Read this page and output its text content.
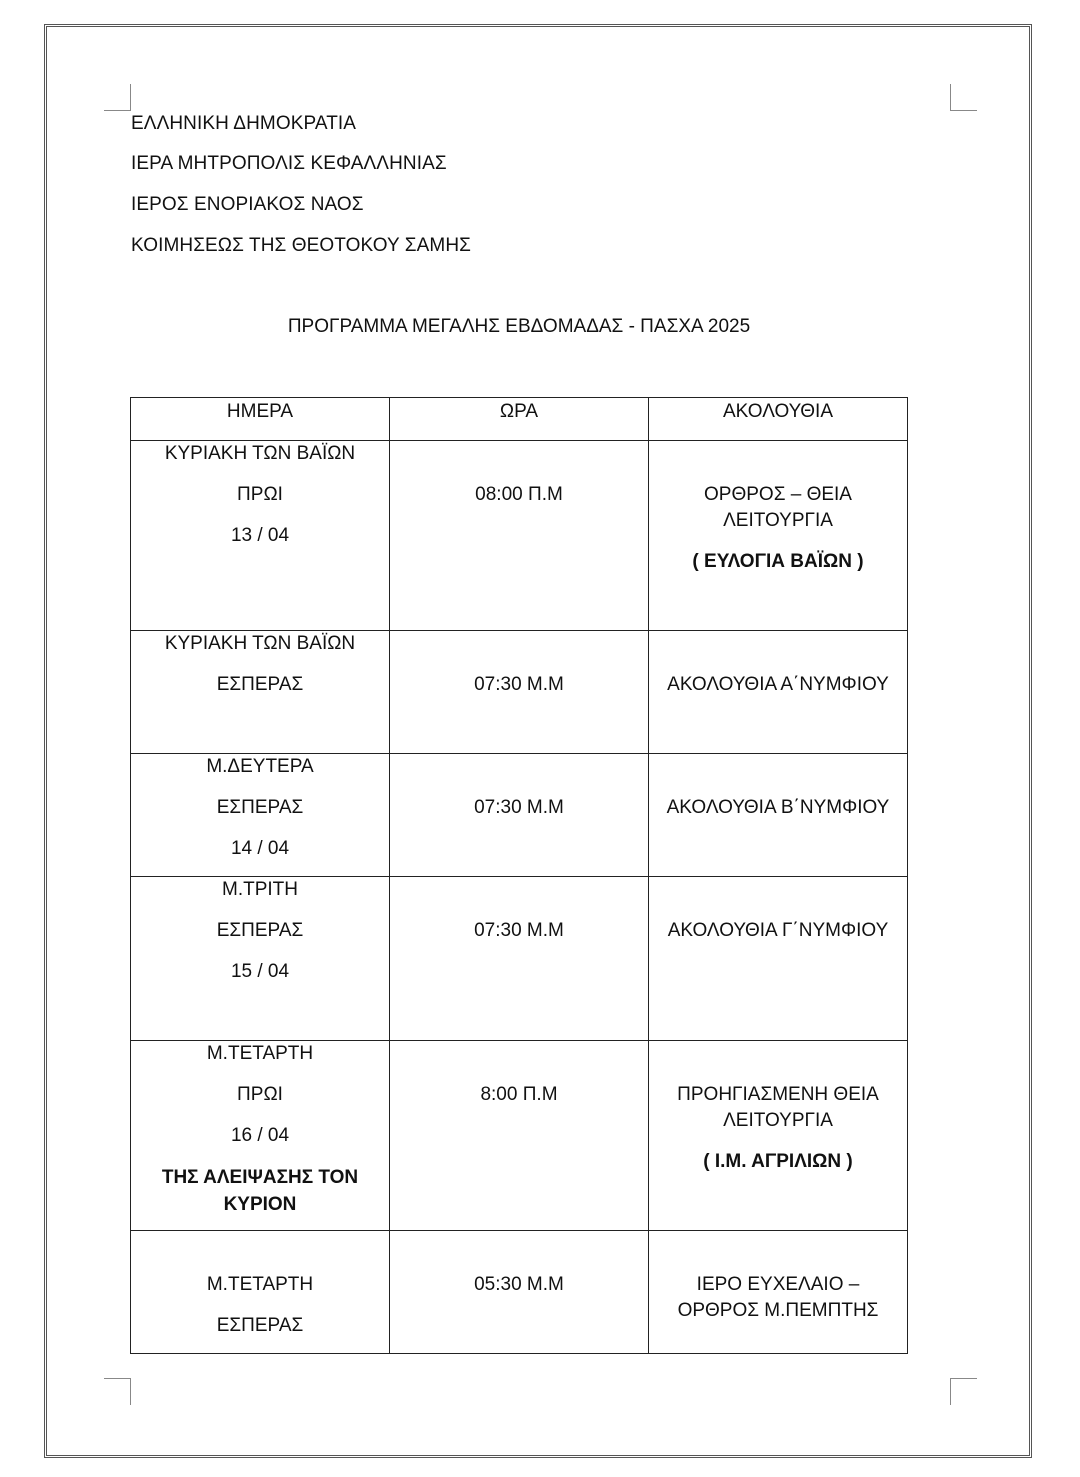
ΕΛΛΗΝΙΚΗ ΔΗΜΟΚΡΑΤΙΑ
ΙΕΡΑ ΜΗΤΡΟΠΟΛΙΣ ΚΕΦΑΛΛΗΝΙΑΣ
ΙΕΡΟΣ ΕΝΟΡΙΑΚΟΣ ΝΑΟΣ
ΚΟΙΜΗΣΕΩΣ ΤΗΣ ΘΕΟΤΟΚΟΥ ΣΑΜΗΣ
ΠΡΟΓΡΑΜΜΑ ΜΕΓΑΛΗΣ ΕΒΔΟΜΑΔΑΣ - ΠΑΣΧΑ 2025
ΗΜΕΡΑ	ΩΡΑ	ΑΚΟΛΟΥΘΙΑ

ΚΥΡΙΑΚΗ ΤΩΝ ΒΑΪΩΝ
ΠΡΩΙ
13 / 04	08:00 Π.Μ	ΟΡΘΡΟΣ – ΘΕΙΑ ΛΕΙΤΟΥΡΓΙΑ
( ΕΥΛΟΓΙΑ ΒΑΪΩΝ )

ΚΥΡΙΑΚΗ ΤΩΝ ΒΑΪΩΝ
ΕΣΠΕΡΑΣ	07:30 Μ.Μ	ΑΚΟΛΟΥΘΙΑ Α΄ΝΥΜΦΙΟΥ

Μ.ΔΕΥΤΕΡΑ
ΕΣΠΕΡΑΣ
14 / 04	07:30 Μ.Μ	ΑΚΟΛΟΥΘΙΑ Β΄ΝΥΜΦΙΟΥ

Μ.ΤΡΙΤΗ
ΕΣΠΕΡΑΣ
15 / 04	07:30 Μ.Μ	ΑΚΟΛΟΥΘΙΑ Γ΄ΝΥΜΦΙΟΥ

Μ.ΤΕΤΑΡΤΗ
ΠΡΩΙ
16 / 04
ΤΗΣ ΑΛΕΙΨΑΣΗΣ ΤΟΝ ΚΥΡΙΟΝ	8:00 Π.Μ	ΠΡΟΗΓΙΑΣΜΕΝΗ ΘΕΙΑ ΛΕΙΤΟΥΡΓΙΑ
( Ι.Μ. ΑΓΡΙΛΙΩΝ )

Μ.ΤΕΤΑΡΤΗ
ΕΣΠΕΡΑΣ	05:30 Μ.Μ	ΙΕΡΟ ΕΥΧΕΛΑΙΟ – ΟΡΘΡΟΣ Μ.ΠΕΜΠΤΗΣ
